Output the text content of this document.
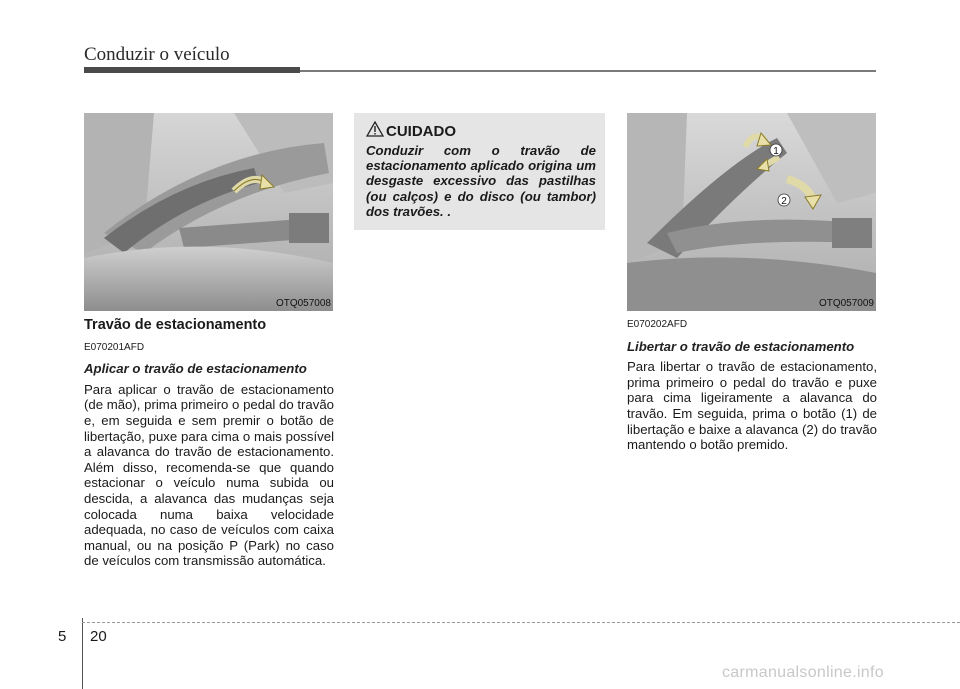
Conduzir o veículo
OTQ057008

Travão de estacionamento

E070201AFD

Aplicar o travão de estacionamento

Para aplicar o travão de estacionamento (de mão), prima primeiro o pedal do travão e, em seguida e sem premir o botão de libertação, puxe para cima o mais possível a alavanca do travão de estacionamento. Além disso, recomenda-se que quando estacionar o veículo numa subida ou descida, a alavanca das mudanças seja colocada numa baixa velocidade adequada, no caso de veículos com caixa manual, ou na posição P (Park) no caso de veículos com transmissão automática.

CUIDADO
Conduzir com o travão de estacionamento aplicado origina um desgaste excessivo das pastilhas (ou calços) e do disco (ou tambor) dos travões. .
1
2
OTQ057009

E070202AFD

Libertar o travão de estacionamento

Para libertar o travão de estacionamento, prima primeiro o pedal do travão e puxe para cima ligeiramente a alavanca do travão. Em seguida, prima o botão (1) de libertação e baixe a alavanca (2) do travão mantendo o botão premido.

5 20
carmanualsonline.info
